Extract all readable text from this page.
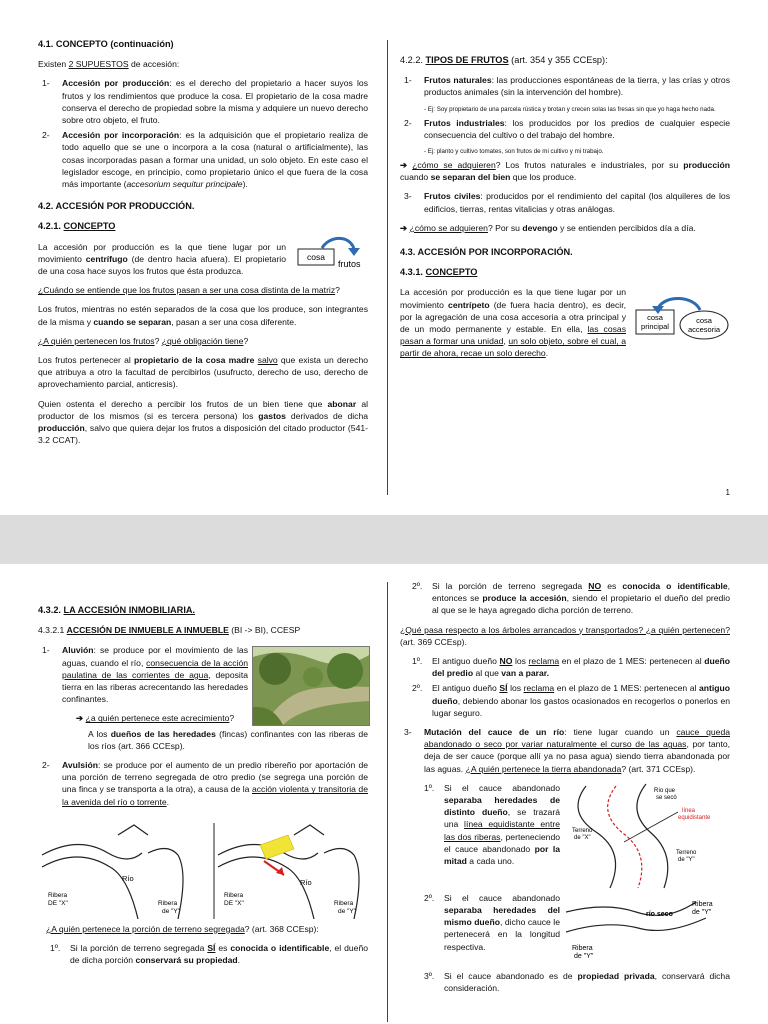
4.1. CONCEPTO (continuación)

Existen 2 SUPUESTOS de accesión:

1- Accesión por producción: es el derecho del propietario a hacer suyos los frutos y los rendimientos que produce la cosa. El propietario de la cosa madre conserva el derecho de propiedad sobre la misma y adquiere un nuevo derecho sobre otro objeto, el fruto.
2- Accesión por incorporación: es la adquisición que el propietario realiza de todo aquello que se une o incorpora a la cosa (natural o artificialmente), las cosas incorporadas pasan a formar una unidad, un solo objeto. En este caso el legislador escoge, en principio, como propietario único el que fuera de la cosa más importante (accesorium sequitur principale).
4.2. ACCESIÓN POR PRODUCCIÓN.
4.2.1. CONCEPTO

La accesión por producción es la que tiene lugar por un movimiento centrífugo (de dentro hacia afuera). El propietario de una cosa hace suyos los frutos que ésta produzca.

cosa
frutos

¿Cuándo se entiende que los frutos pasan a ser una cosa distinta de la matriz?

Los frutos, mientras no estén separados de la cosa que los produce, son integrantes de la misma y cuando se separan, pasan a ser una cosa diferente.

¿A quién pertenecen los frutos? ¿qué obligación tiene?

Los frutos pertenecer al propietario de la cosa madre salvo que exista un derecho que atribuya a otro la facultad de percibirlos (usufructo, derecho de uso, derecho de aprovechamiento parcial, anticresis).

Quien ostenta el derecho a percibir los frutos de un bien tiene que abonar al productor de los mismos (si es tercera persona) los gastos derivados de dicha producción, salvo que quiera dejar los frutos a disposición del citado productor (541-3.2 CCAT).

4.2.2. TIPOS DE FRUTOS (art. 354 y 355 CCEsp):
1- Frutos naturales: las producciones espontáneas de la tierra, y las crías y otros productos animales (sin la intervención del hombre).
- Ej: Soy propietario de una parcela rústica y brotan y crecen solas las fresas sin que yo haga hecho nada.
2- Frutos industriales: los producidos por los predios de cualquier especie consecuencia del cultivo o del trabajo del hombre.
- Ej: planto y cultivo tomates, son frutos de mi cultivo y mi trabajo.

➔ ¿cómo se adquieren? Los frutos naturales e industriales, por su producción cuando se separan del bien que los produce.

3- Frutos civiles: producidos por el rendimiento del capital (los alquileres de los edificios, tierras, rentas vitalicias y otras análogas.

➔ ¿cómo se adquieren? Por su devengo y se entienden percibidos día a día.

4.3. ACCESIÓN POR INCORPORACIÓN.
4.3.1. CONCEPTO

La accesión por producción es la que tiene lugar por un movimiento centrípeto (de fuera hacia dentro), es decir, por la agregación de una cosa accesoria a otra principal y de un modo permanente y estable. En ella, las cosas pasan a formar una unidad, un solo objeto, sobre el cual, a partir de ahora, recae un solo derecho.

cosa
principal
cosa
accesoria
1
4.3.2. LA ACCESIÓN INMOBILIARIA.
4.3.2.1 ACCESIÓN DE INMUEBLE A INMUEBLE (BI -> BI), CCESP
1- Aluvión: se produce por el movimiento de las aguas, cuando el río, consecuencia de la acción paulatina de las corrientes de agua, deposita tierra en las riberas acrecentando las heredades confinantes.

➔ ¿a quién pertenece este acrecimiento?

A los dueños de las heredades (fincas) confinantes con las riberas de los ríos (art. 366 CCEsp).

2- Avulsión: se produce por el aumento de un predio ribereño por aportación de una porción de terreno segregada de otro predio (se segrega una porción de una finca y se transporta a la otra), a causa de la acción violenta y transitoria de la avenida del río o torrente.
Río	Río
Ribera
DE "X"
Ribera
DE "X"
Ribera
de "Y"
Ribera
de "Y"

¿A quién pertenece la porción de terreno segregada? (art. 368 CCEsp):

1º. Si la porción de terreno segregada SÍ es conocida o identificable, el dueño de dicha porción conservará su propiedad.
2º. Si la porción de terreno segregada NO es conocida o identificable, entonces se produce la accesión, siendo el propietario el dueño del predio al que se le haya agregado dicha porción de terreno.

¿Qué pasa respecto a los árboles arrancados y transportados? ¿a quién pertenecen? (art. 369 CCEsp).

1º. El antiguo dueño NO los reclama en el plazo de 1 MES: pertenecen al dueño del predio al que van a parar.
2º. El antiguo dueño SÍ los reclama en el plazo de 1 MES: pertenecen al antiguo dueño, debiendo abonar los gastos ocasionados en recogerlos o ponerlos en lugar seguro.
3- Mutación del cauce de un río: tiene lugar cuando un cauce queda abandonado o seco por variar naturalmente el curso de las aguas, por tanto, deja de ser cauce (porque allí ya no pasa agua) siendo tierra abandonada por las aguas. ¿A quién pertenece la tierra abandonada? (art. 371 CCEsp).
1º. Si el cauce abandonado separaba heredades de distinto dueño, se trazará una línea equidistante entre las dos riberas, perteneciendo el cauce abandonado por la mitad a cada uno.
Río que
se secó
línea
equidistante
Terreno
de "X"
Terreno
de "Y"
2º. Si el cauce abandonado separaba heredades del mismo dueño, dicho cauce le pertenecerá en la longitud respectiva.
río seco
Ribera
de "Y"
Ribera
de "Y"
3º. Si el cauce abandonado es de propiedad privada, conservará dicha consideración.
